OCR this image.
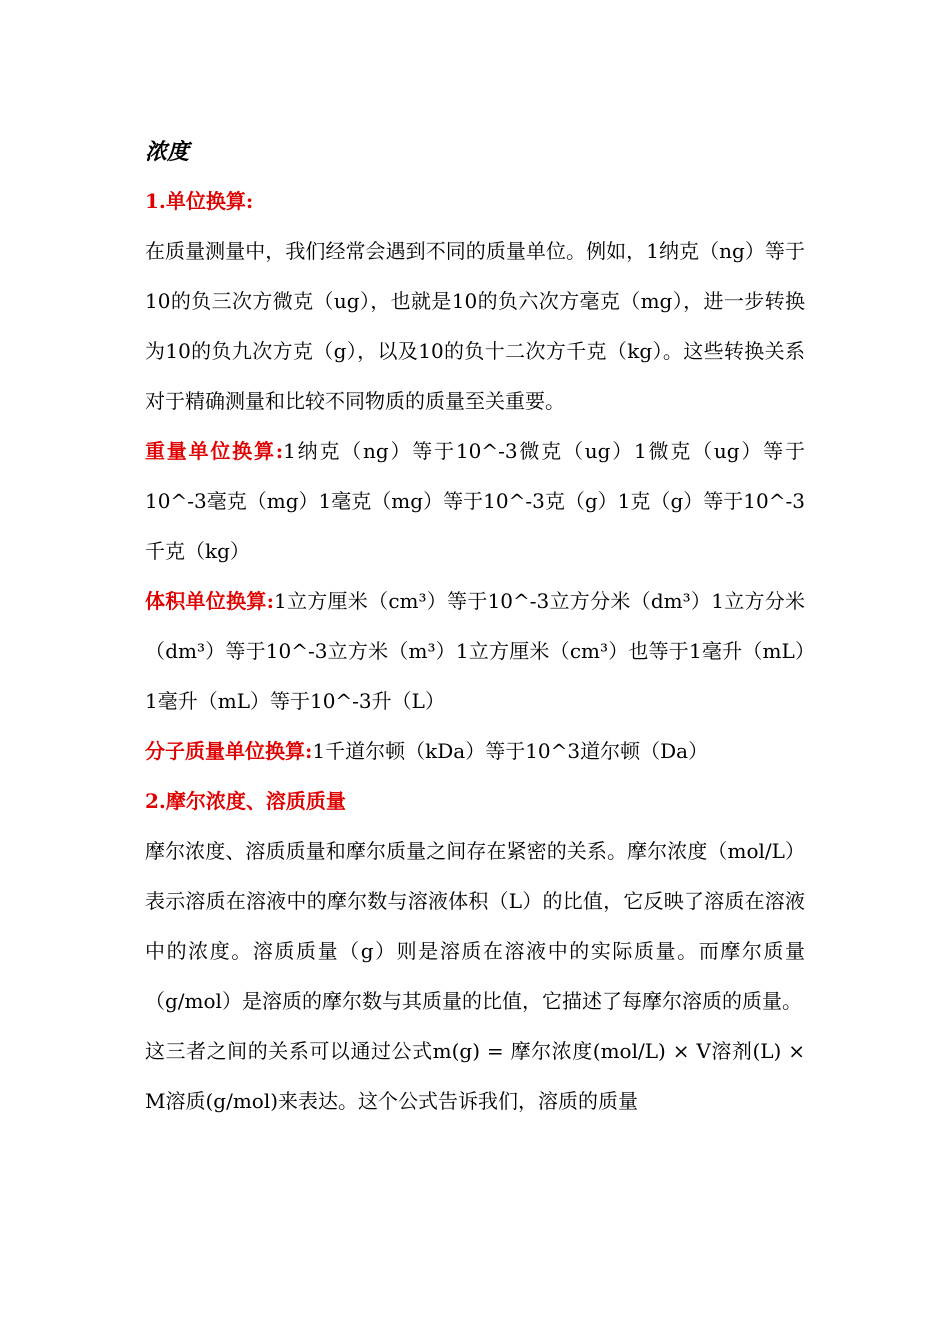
浓度

1.单位换算:

在质量测量中，我们经常会遇到不同的质量单位。例如，1纳克（ng）等于10的负三次方微克（ug），也就是10的负六次方毫克（mg），进一步转换为10的负九次方克（g），以及10的负十二次方千克（kg）。这些转换关系对于精确测量和比较不同物质的质量至关重要。

重量单位换算:1纳克（ng）等于10^-3微克（ug）1微克（ug）等于10^-3毫克（mg）1毫克（mg）等于10^-3克（g）1克（g）等于10^-3千克（kg）

体积单位换算:1立方厘米（cm³）等于10^-3立方分米（dm³）1立方分米（dm³）等于10^-3立方米（m³）1立方厘米（cm³）也等于1毫升（mL）1毫升（mL）等于10^-3升（L）

分子质量单位换算:1千道尔顿（kDa）等于10^3道尔顿（Da）

2.摩尔浓度、溶质质量

摩尔浓度、溶质质量和摩尔质量之间存在紧密的关系。摩尔浓度（mol/L）表示溶质在溶液中的摩尔数与溶液体积（L）的比值，它反映了溶质在溶液中的浓度。溶质质量（g）则是溶质在溶液中的实际质量。而摩尔质量（g/mol）是溶质的摩尔数与其质量的比值，它描述了每摩尔溶质的质量。

这三者之间的关系可以通过公式m(g) = 摩尔浓度(mol/L) × V溶剂(L) × M溶质(g/mol)来表达。这个公式告诉我们，溶质的质量
